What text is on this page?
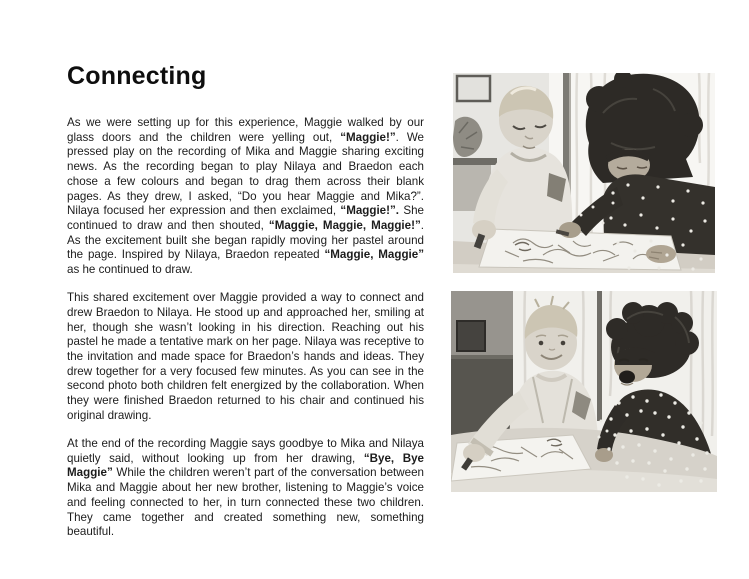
Connecting

As we were setting up for this experience, Maggie walked by our glass doors and the children were yelling out, “Maggie!”. We pressed play on the recording of Mika and Maggie sharing exciting news. As the recording began to play Nilaya and Braedon each chose a few colours and began to drag them across their blank pages. As they drew, I asked, “Do you hear Maggie and Mika?”. Nilaya focused her expression and then exclaimed, “Maggie!”. She continued to draw and then shouted, “Maggie, Maggie, Maggie!”. As the excitement built she began rapidly moving her pastel around the page. Inspired by Nilaya, Braedon repeated “Maggie, Maggie” as he continued to draw.

This shared excitement over Maggie provided a way to connect and drew Braedon to Nilaya. He stood up and approached her, smiling at her, though she wasn’t looking in his direction. Reaching out his pastel he made a tentative mark on her page. Nilaya was receptive to the invitation and made space for Braedon’s hands and ideas. They drew together for a very focused few minutes. As you can see in the second photo both children felt energized by the collaboration. When they were finished Braedon returned to his chair and continued his original drawing.

At the end of the recording Maggie says goodbye to Mika and Nilaya quietly said, without looking up from her drawing, “Bye, Bye Maggie” While the children weren’t part of the conversation between Mika and Maggie about her new brother, listening to Maggie’s voice and feeling connected to her, in turn connected these two children. They came together and created something new, something beautiful.
